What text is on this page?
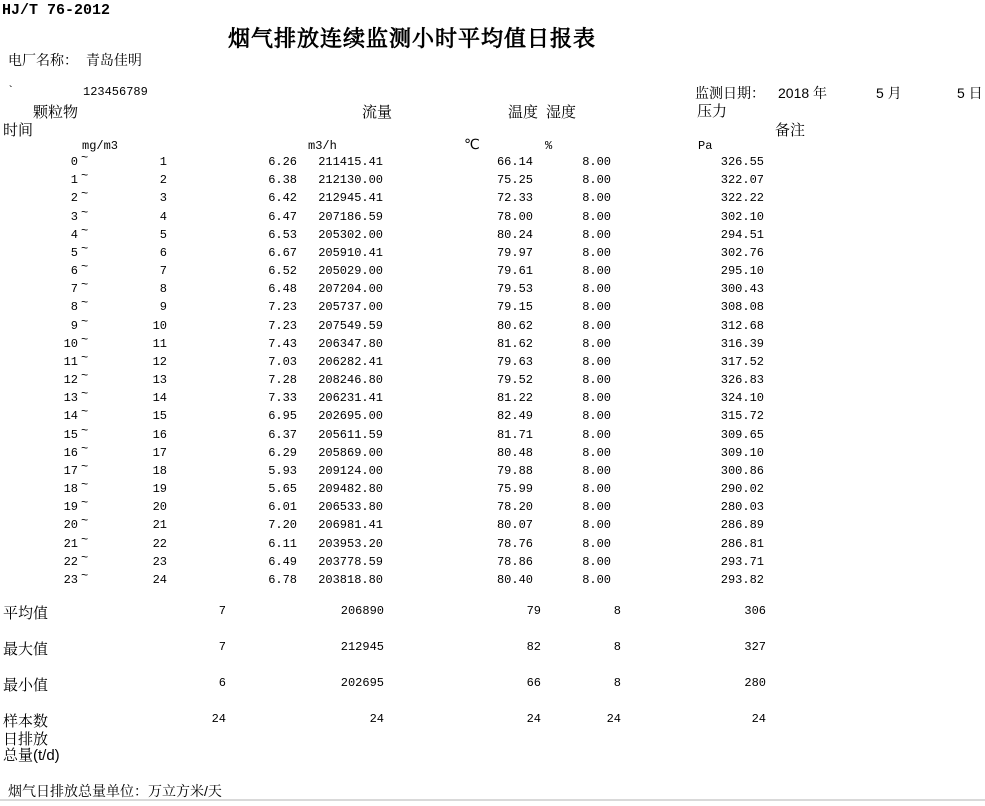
HJ/T 76-2012
烟气排放连续监测小时平均值日报表
电厂名称： 青岛佳明
`	123456789	监测日期： 2018 年	5 月	5 日
颗粒物	流量	温度 湿度	压力
时间	备注
mg/m3	m3/h	℃	%	Pa
0	1	6.26	211415.41	66.14	8.00	326.55
~
1	2	6.38	212130.00	75.25	8.00	322.07
~
2	3	6.42	212945.41	72.33	8.00	322.22
~
3	4	6.47	207186.59	78.00	8.00	302.10
~
4	5	6.53	205302.00	80.24	8.00	294.51
~
5	6	6.67	205910.41	79.97	8.00	302.76
~
6	7	6.52	205029.00	79.61	8.00	295.10
~
7	8	6.48	207204.00	79.53	8.00	300.43
~
8	9	7.23	205737.00	79.15	8.00	308.08
~
9	10	7.23	207549.59	80.62	8.00	312.68
~
10	11	7.43	206347.80	81.62	8.00	316.39
~
11	12	7.03	206282.41	79.63	8.00	317.52
~
12	13	7.28	208246.80	79.52	8.00	326.83
~
13	14	7.33	206231.41	81.22	8.00	324.10
~
14	15	6.95	202695.00	82.49	8.00	315.72
~
15	16	6.37	205611.59	81.71	8.00	309.65
~
16	17	6.29	205869.00	80.48	8.00	309.10
~
17	18	5.93	209124.00	79.88	8.00	300.86
~
18	19	5.65	209482.80	75.99	8.00	290.02
~
19	20	6.01	206533.80	78.20	8.00	280.03
~
20	21	7.20	206981.41	80.07	8.00	286.89
~
21	22	6.11	203953.20	78.76	8.00	286.81
~
22	23	6.49	203778.59	78.86	8.00	293.71
~
23	24	6.78	203818.80	80.40	8.00	293.82
~
平均值	7	206890	79	8	306
最大值	7	212945	82	8	327
最小值	6	202695	66	8	280
样本数	24	24	24	24	24
日排放
总量(t/d)
烟气日排放总量单位：万立方米/天
